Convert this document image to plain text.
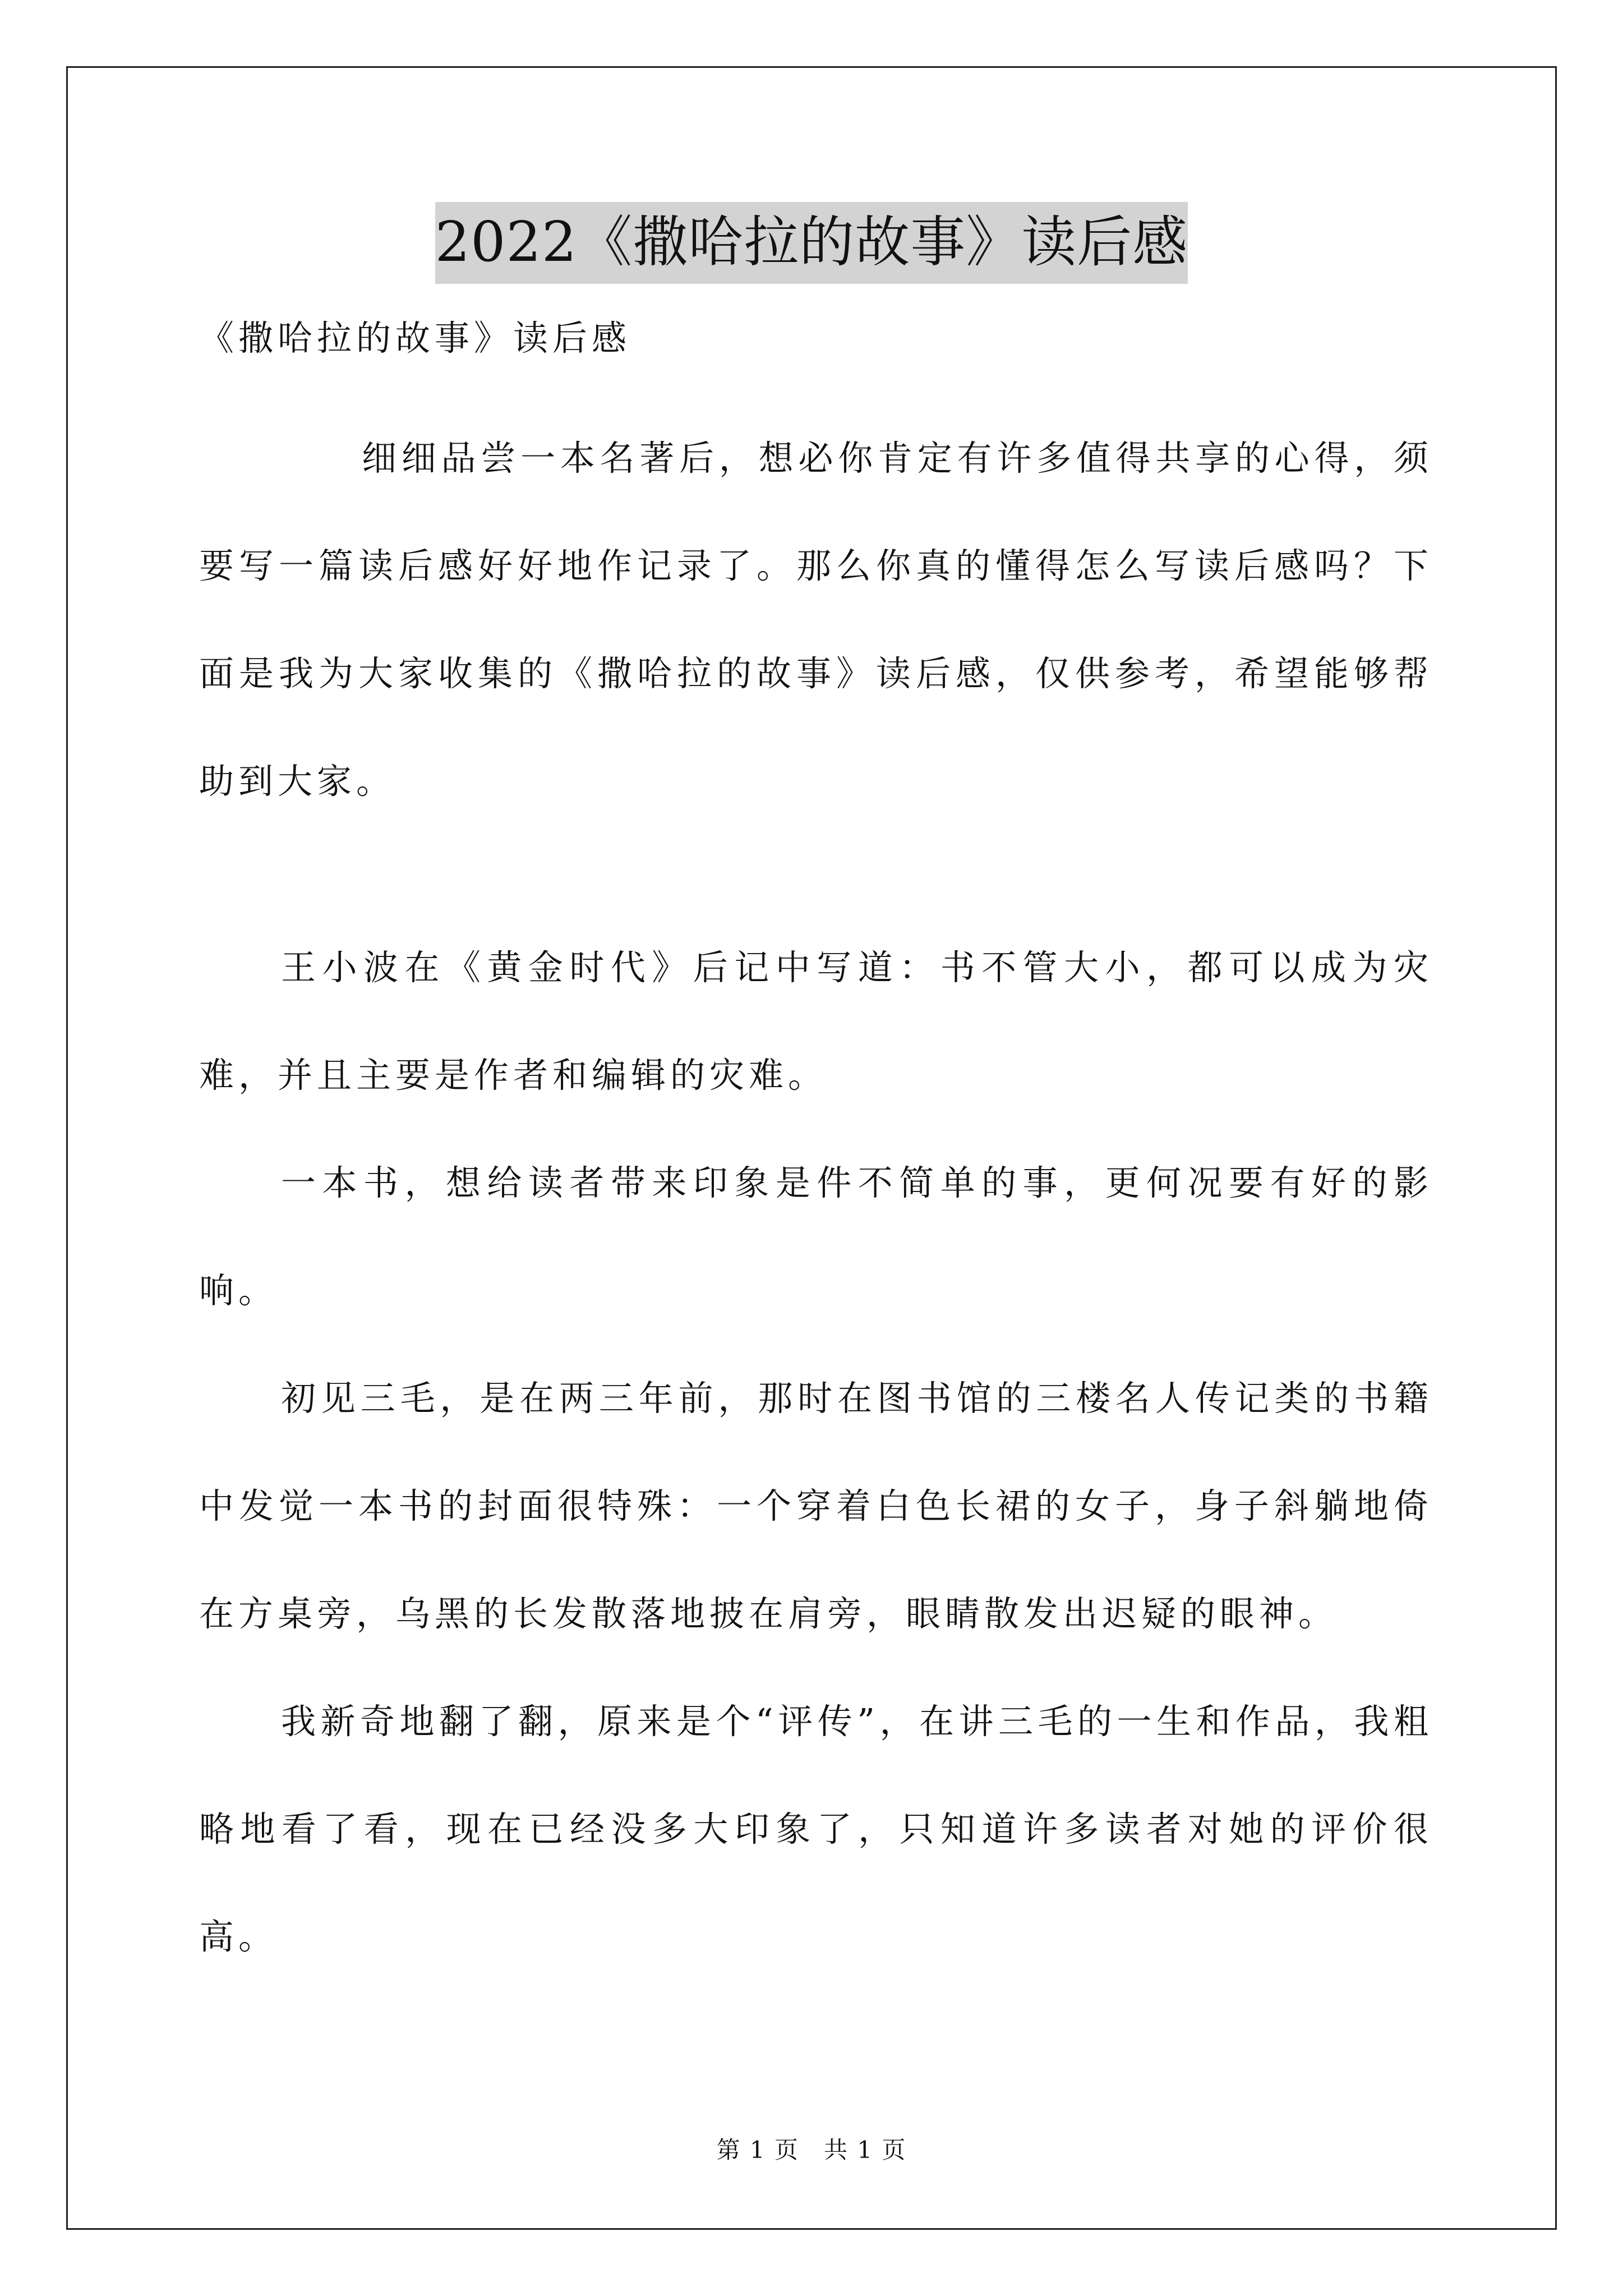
2022《撒哈拉的故事》读后感

《撒哈拉的故事》读后感

细细品尝一本名著后，想必你肯定有许多值得共享的心得，须要写一篇读后感好好地作记录了。那么你真的懂得怎么写读后感吗？下面是我为大家收集的《撒哈拉的故事》读后感，仅供参考，希望能够帮助到大家。

王小波在《黄金时代》后记中写道：书不管大小，都可以成为灾难，并且主要是作者和编辑的灾难。

一本书，想给读者带来印象是件不简单的事，更何况要有好的影响。

初见三毛，是在两三年前，那时在图书馆的三楼名人传记类的书籍中发觉一本书的封面很特殊：一个穿着白色长裙的女子，身子斜躺地倚在方桌旁，乌黑的长发散落地披在肩旁，眼睛散发出迟疑的眼神。

我新奇地翻了翻，原来是个“评传”，在讲三毛的一生和作品，我粗略地看了看，现在已经没多大印象了，只知道许多读者对她的评价很高。

第 1 页　共 1 页
